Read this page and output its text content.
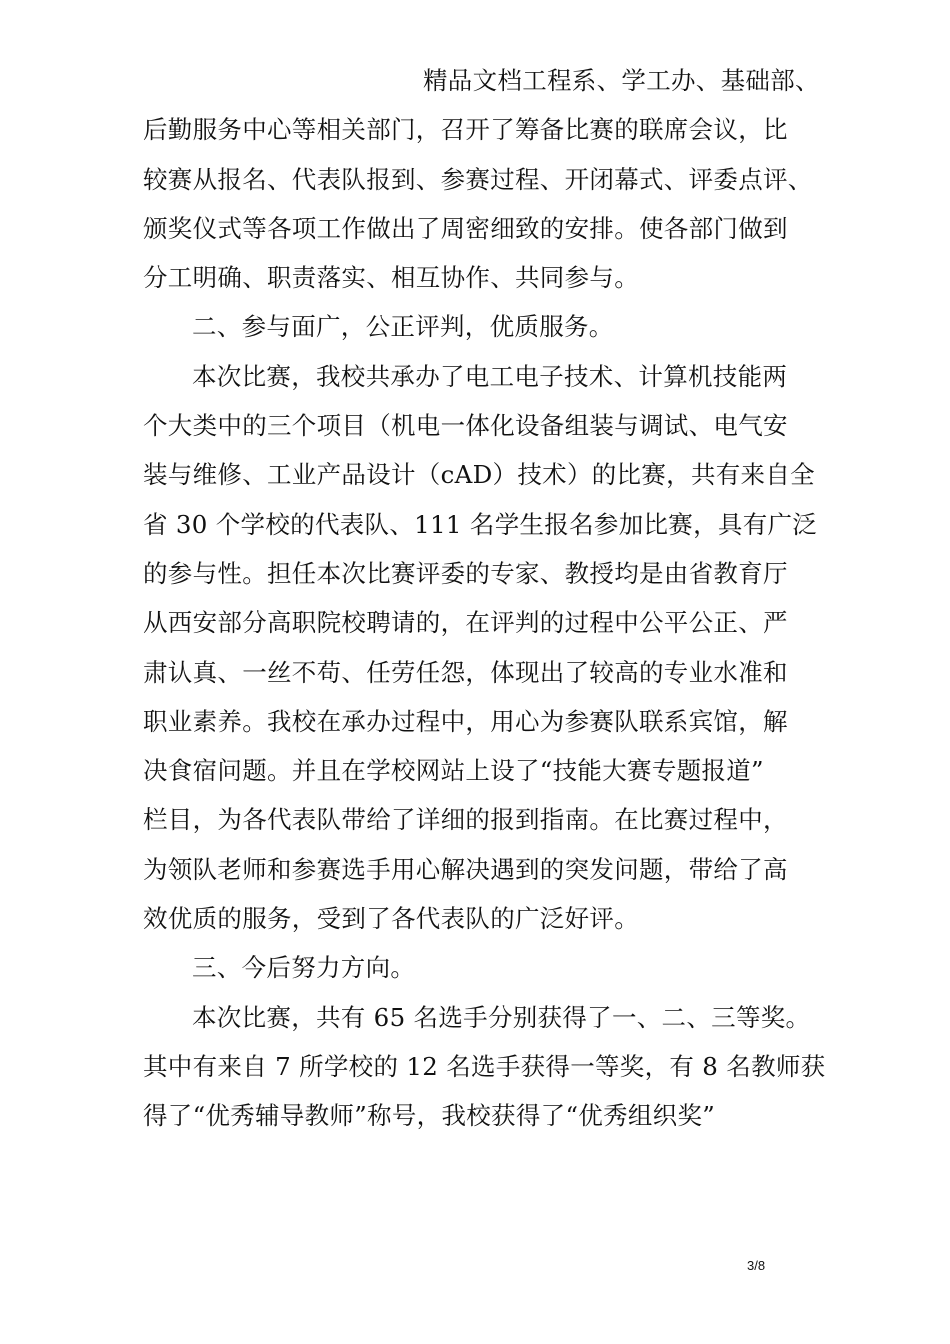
精品文档工程系、学工办、基础部、
后勤服务中心等相关部门，召开了筹备比赛的联席会议，比
较赛从报名、代表队报到、参赛过程、开闭幕式、评委点评、
颁奖仪式等各项工作做出了周密细致的安排。使各部门做到
分工明确、职责落实、相互协作、共同参与。
二、参与面广，公正评判，优质服务。
本次比赛，我校共承办了电工电子技术、计算机技能两
个大类中的三个项目（机电一体化设备组装与调试、电气安
装与维修、工业产品设计（cAD）技术）的比赛，共有来自全
省 30 个学校的代表队、111 名学生报名参加比赛，具有广泛
的参与性。担任本次比赛评委的专家、教授均是由省教育厅
从西安部分高职院校聘请的，在评判的过程中公平公正、严
肃认真、一丝不苟、任劳任怨，体现出了较高的专业水准和
职业素养。我校在承办过程中，用心为参赛队联系宾馆，解
决食宿问题。并且在学校网站上设了“技能大赛专题报道”
栏目，为各代表队带给了详细的报到指南。在比赛过程中，
为领队老师和参赛选手用心解决遇到的突发问题，带给了高
效优质的服务，受到了各代表队的广泛好评。
三、今后努力方向。
本次比赛，共有 65 名选手分别获得了一、二、三等奖。
其中有来自 7 所学校的 12 名选手获得一等奖，有 8 名教师获
得了“优秀辅导教师”称号，我校获得了“优秀组织奖”
3/8
